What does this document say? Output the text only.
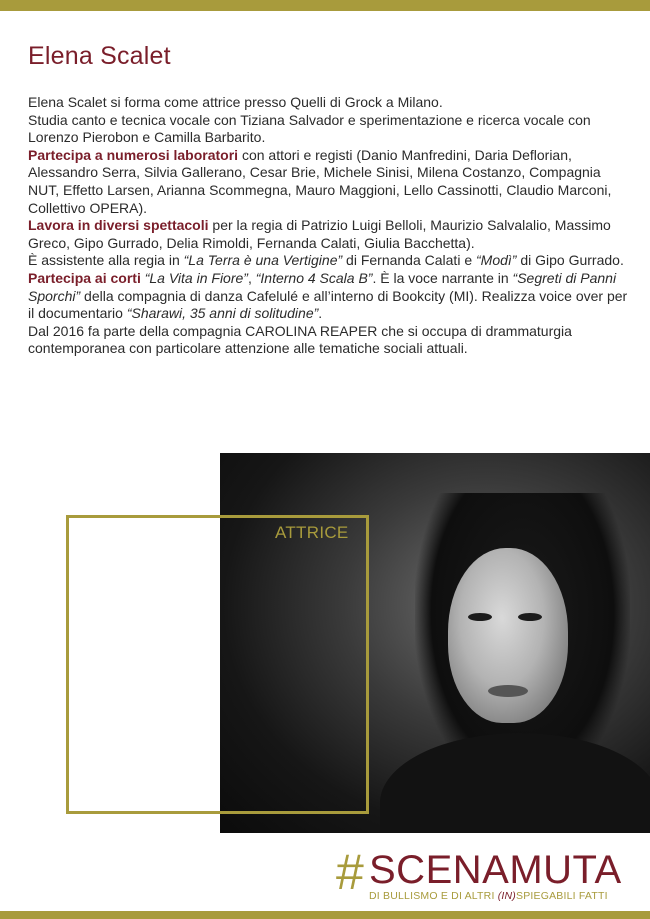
Elena Scalet

Elena Scalet si forma come attrice presso Quelli di Grock a Milano.

Studia canto e tecnica vocale con Tiziana Salvador e sperimentazione e ricerca vocale con Lorenzo Pierobon e Camilla Barbarito.

Partecipa a numerosi laboratori con attori e registi (Danio Manfredini, Daria Deflorian, Alessandro Serra, Silvia Gallerano, Cesar Brie, Michele Sinisi, Milena Costanzo, Compagnia NUT, Effetto Larsen, Arianna Scommegna, Mauro Maggioni, Lello Cassinotti, Claudio Marconi, Collettivo OPERA).

Lavora in diversi spettacoli per la regia di Patrizio Luigi Belloli, Maurizio Salvalalio, Massimo Greco, Gipo Gurrado, Delia Rimoldi, Fernanda Calati, Giulia Bacchetta).

È assistente alla regia in “La Terra è una Vertigine” di Fernanda Calati e “Modì” di Gipo Gurrado.

Partecipa ai corti “La Vita in Fiore”, “Interno 4 Scala B”. È la voce narrante in “Segreti di Panni Sporchi” della compagnia di danza Cafelulé e all’interno di Bookcity (MI). Realizza voice over per il documentario “Sharawi, 35 anni di solitudine”.

Dal 2016 fa parte della compagnia CAROLINA REAPER che si occupa di drammaturgia contemporanea con particolare attenzione alle tematiche sociali attuali.

ATTRICE
# SCENAMUTA
DI BULLISMO E DI ALTRI (IN)SPIEGABILI FATTI
